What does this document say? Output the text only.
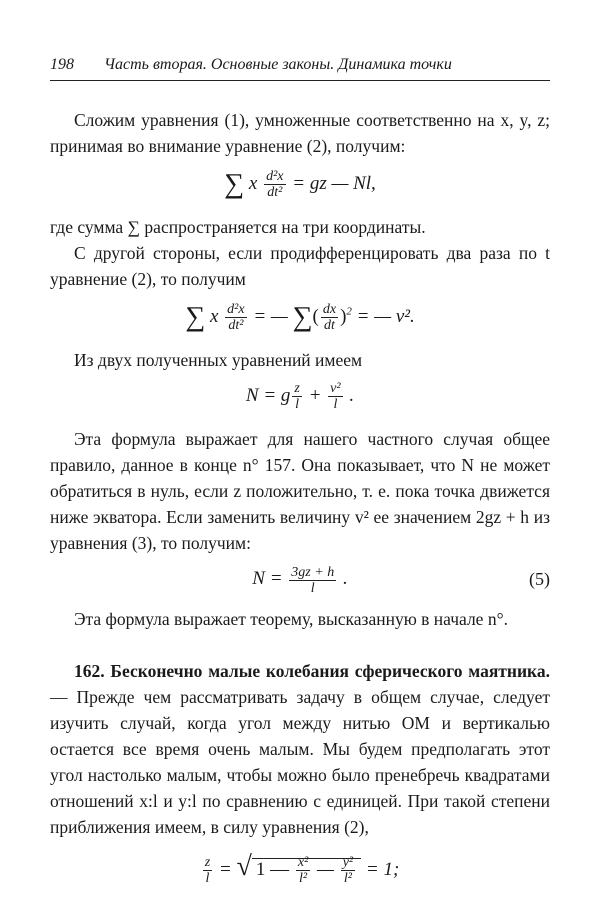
198	Часть вторая. Основные законы. Динамика точки

Сложим уравнения (1), умноженные соответственно на x, y, z; принимая во внимание уравнение (2), получим:

∑ x $\frac{\text{d²x}}{\text{dt²}}$ = gz — Nl,

где сумма ∑ распространяется на три координаты.

С другой стороны, если продифференцировать два раза по t уравнение (2), то получим

∑ x $\frac{\text{d²x}}{\text{dt²}}$ = — ∑( $\frac{dx}{dt} )^2$ = — v².

Из двух полученных уравнений имеем

N = g $\frac{z}{l} + \frac{\text{v²}}{l}$ .

Эта формула выражает для нашего частного случая общее правило, данное в конце n° 157. Она показывает, что N не может обратиться в нуль, если z положительно, т. е. пока точка движется ниже экватора. Если заменить величину v² ее значением 2gz + h из уравнения (3), то получим:

$N = \frac{3gz + h}{l}$ .	(5)

Эта формула выражает теорему, высказанную в начале n°.

162. Бесконечно малые колебания сферического маятника. — Прежде чем рассматривать задачу в общем случае, следует изучить случай, когда угол между нитью OM и вертикалью остается все время очень малым. Мы будем предполагать этот угол настолько малым, чтобы можно было пренебречь квадратами отношений x:l и y:l по сравнению с единицей. При такой степени приближения имеем, в силу уравнения (2),

$\frac{z}{l}$ = √ 1 — $\frac{\text{x²}}{\text{l²}}$ — $\frac{\text{y²}}{\text{l²}} = 1$;
